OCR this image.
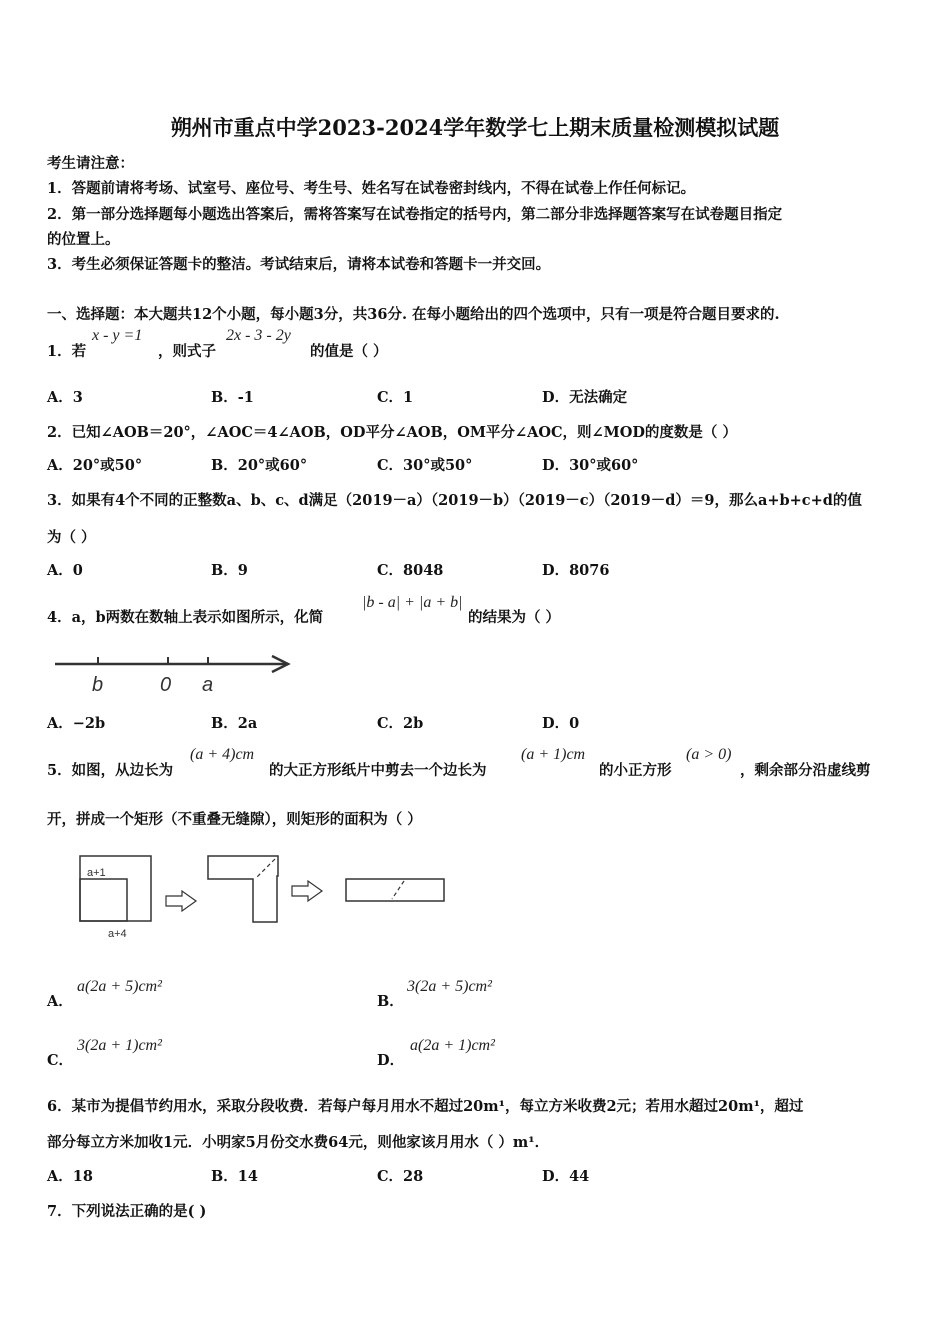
朔州市重点中学2023-2024学年数学七上期末质量检测模拟试题
考生请注意：
1．答题前请将考场、试室号、座位号、考生号、姓名写在试卷密封线内，不得在试卷上作任何标记。
2．第一部分选择题每小题选出答案后，需将答案写在试卷指定的括号内，第二部分非选择题答案写在试卷题目指定
的位置上。
3．考生必须保证答题卡的整洁。考试结束后，请将本试卷和答题卡一并交回。
一、选择题：本大题共12个小题，每小题3分，共36分. 在每小题给出的四个选项中，只有一项是符合题目要求的.
1．若
x - y =1
，则式子
2x - 3 - 2y
的值是（ ）
A．3	B．-1	C．1	D．无法确定
2．已知∠AOB＝20°，∠AOC＝4∠AOB，OD平分∠AOB，OM平分∠AOC，则∠MOD的度数是（ ）
A．20°或50°	B．20°或60°	C．30°或50°	D．30°或60°
3．如果有4个不同的正整数a、b、c、d满足（2019－a）（2019－b）（2019－c）（2019－d）＝9，那么a+b+c+d的值
为（ ）
A．0	B．9	C．8048	D．8076
4．a，b两数在数轴上表示如图所示，化简
|b - a| + |a + b|
的结果为（ ）
b	0 a
A．−2b	B．2a	C．2b	D．0
5．如图，从边长为
(a + 4)cm
的大正方形纸片中剪去一个边长为
(a + 1)cm
的小正方形
(a > 0)
，剩余部分沿虚线剪
开，拼成一个矩形（不重叠无缝隙），则矩形的面积为（ ）
a+1
a+4
A．
a(2a + 5)cm²
B．
3(2a + 5)cm²
C．
3(2a + 1)cm²
D．
a(2a + 1)cm²
6．某市为提倡节约用水，采取分段收费．若每户每月用水不超过20m¹，每立方米收费2元；若用水超过20m¹，超过
部分每立方米加收1元．小明家5月份交水费64元，则他家该月用水（ ）m¹．
A．18	B．14	C．28	D．44
7．下列说法正确的是( )
